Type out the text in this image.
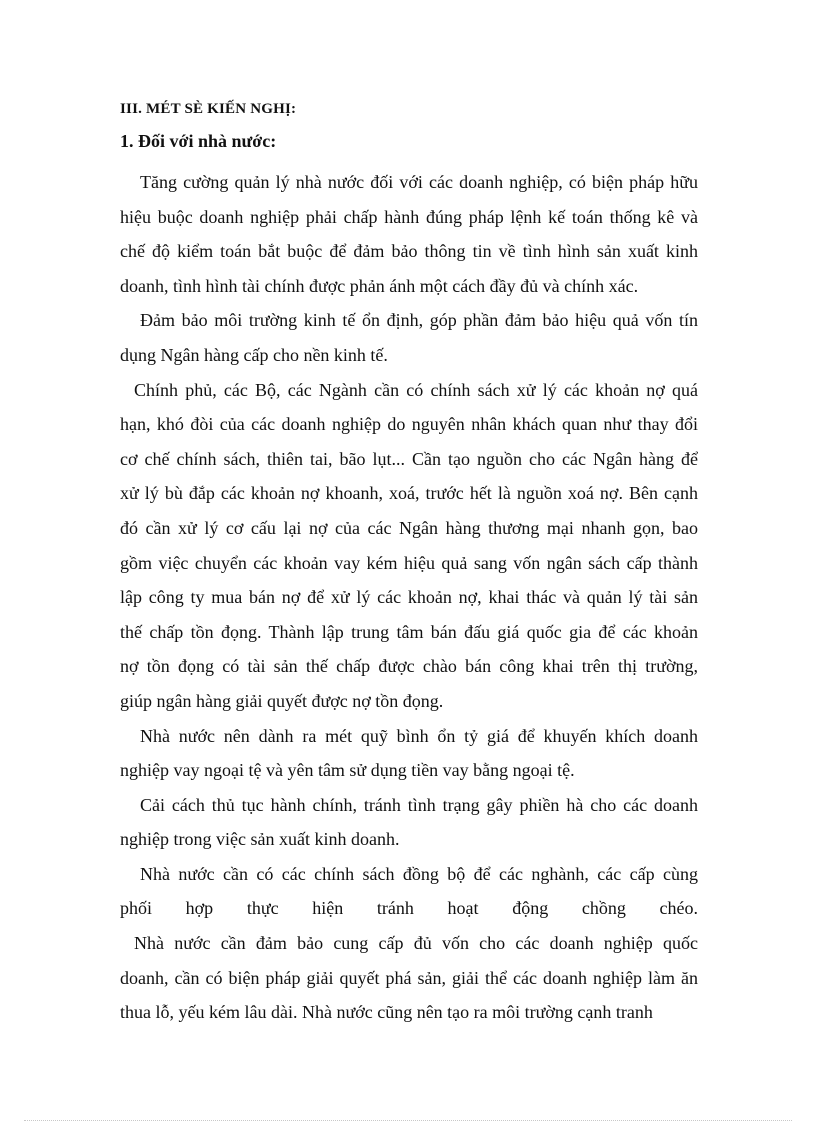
III. MÉT SÈ KIẾN NGHỊ:
1. Đối với nhà nước:

Tăng cường quản lý nhà nước đối với các doanh nghiệp, có biện pháp hữu
hiệu buộc doanh nghiệp phải chấp hành đúng pháp lệnh kế toán thống kê và
chế độ kiểm toán bắt buộc để đảm bảo thông tin về tình hình sản xuất kinh
doanh, tình hình tài chính được phản ánh một cách đầy đủ và chính xác.

Đảm bảo môi trường kinh tế ổn định, góp phần đảm bảo hiệu quả vốn tín
dụng Ngân hàng cấp cho nền kinh tế.

Chính phủ, các Bộ, các Ngành cần có chính sách xử lý các khoản nợ quá
hạn, khó đòi của các doanh nghiệp do nguyên nhân khách quan như thay đổi
cơ chế chính sách, thiên tai, bão lụt... Cần tạo nguồn cho các Ngân hàng để
xử lý bù đắp các khoản nợ khoanh, xoá, trước hết là nguồn xoá nợ. Bên cạnh
đó cần xử lý cơ cấu lại nợ của các Ngân hàng thương mại nhanh gọn, bao
gồm việc chuyển các khoản vay kém hiệu quả sang vốn ngân sách cấp thành
lập công ty mua bán nợ để xử lý các khoản nợ, khai thác và quản lý tài sản
thế chấp tồn đọng. Thành lập trung tâm bán đấu giá quốc gia để các khoản
nợ tồn đọng có tài sản thế chấp được chào bán công khai trên thị trường,
giúp ngân hàng giải quyết được nợ tồn đọng.

Nhà nước nên dành ra mét quỹ bình ổn tỷ giá để khuyến khích doanh
nghiệp vay ngoại tệ và yên tâm sử dụng tiền vay bằng ngoại tệ.

Cải cách thủ tục hành chính, tránh tình trạng gây phiền hà cho các doanh
nghiệp trong việc sản xuất kinh doanh.

Nhà nước cần có các chính sách đồng bộ để các nghành, các cấp cùng
phối hợp thực hiện tránh hoạt động chồng chéo.

Nhà nước cần đảm bảo cung cấp đủ vốn cho các doanh nghiệp quốc
doanh, cần có biện pháp giải quyết phá sản, giải thể các doanh nghiệp làm ăn
thua lỗ, yếu kém lâu dài. Nhà nước cũng nên tạo ra môi trường cạnh tranh
